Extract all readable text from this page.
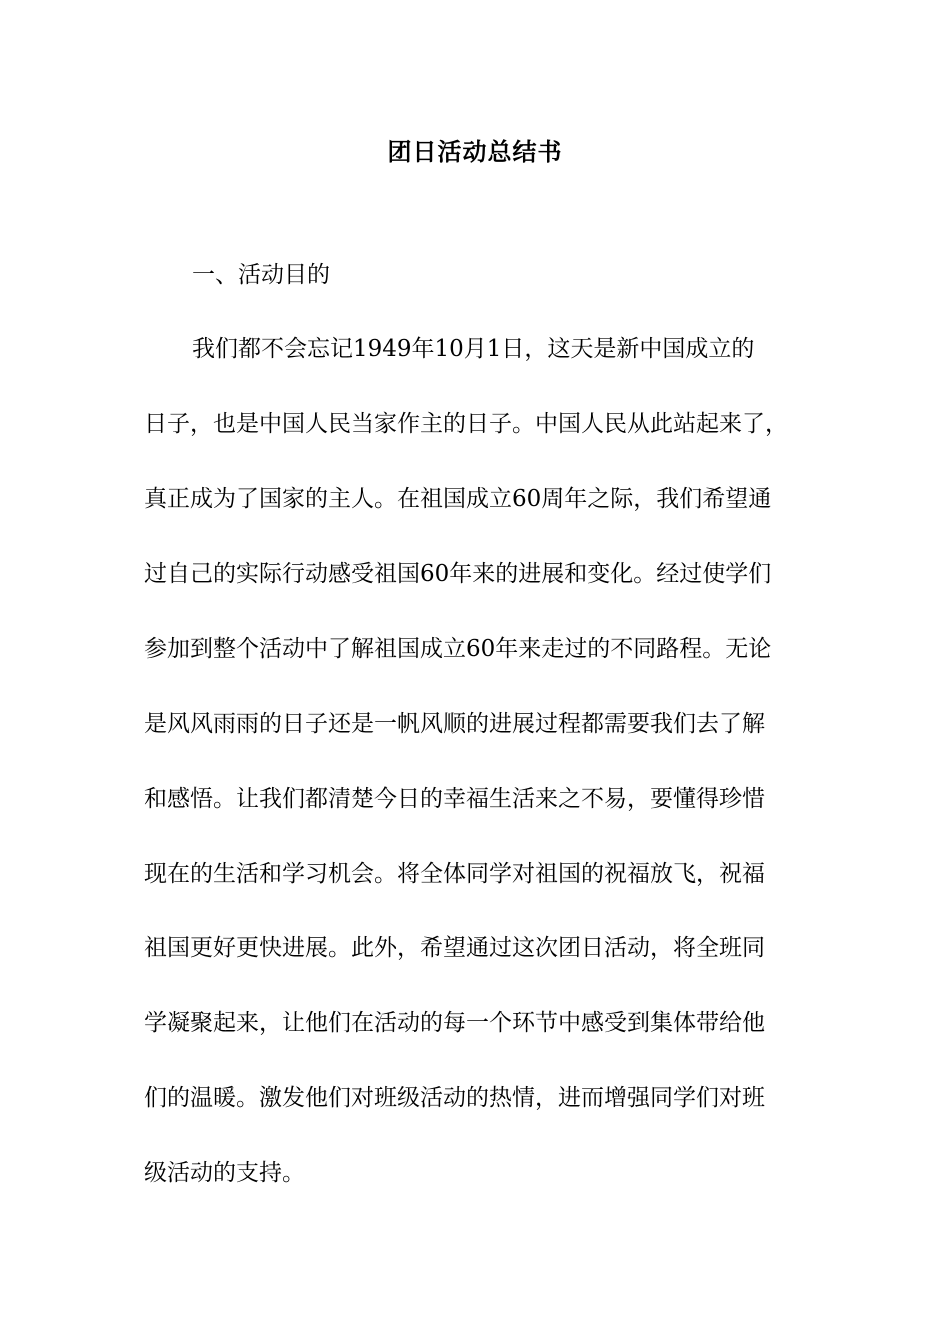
团日活动总结书
一、活动目的
我们都不会忘记1949年10月1日，这天是新中国成立的
日子，也是中国人民当家作主的日子。中国人民从此站起来了，
真正成为了国家的主人。在祖国成立60周年之际，我们希望通
过自己的实际行动感受祖国60年来的进展和变化。经过使学们
参加到整个活动中了解祖国成立60年来走过的不同路程。无论
是风风雨雨的日子还是一帆风顺的进展过程都需要我们去了解
和感悟。让我们都清楚今日的幸福生活来之不易，要懂得珍惜
现在的生活和学习机会。将全体同学对祖国的祝福放飞，祝福
祖国更好更快进展。此外，希望通过这次团日活动，将全班同
学凝聚起来，让他们在活动的每一个环节中感受到集体带给他
们的温暖。激发他们对班级活动的热情，进而增强同学们对班
级活动的支持。
